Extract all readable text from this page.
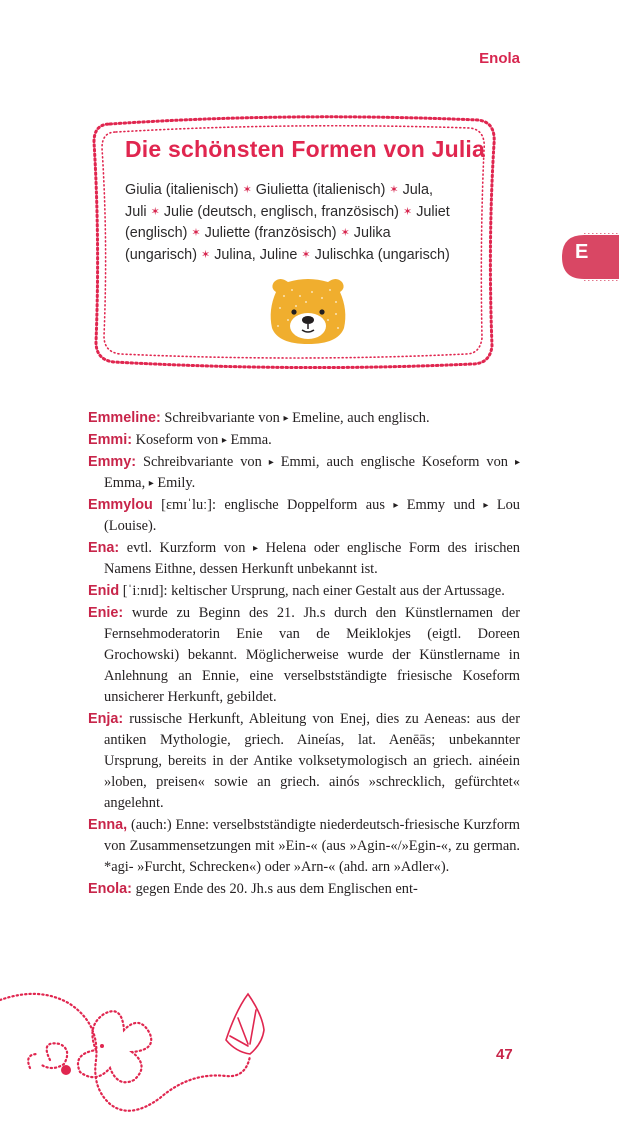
Enola
Die schönsten Formen von Julia
Giulia (italienisch) ✶ Giulietta (italienisch) ✶ Jula, Juli ✶ Julie (deutsch, englisch, französisch) ✶ Juliet (englisch) ✶ Juliette (französisch) ✶ Julika (ungarisch) ✶ Julina, Juline ✶ Julischka (ungarisch)	E
Emmeline: Schreibvariante von ▸ Emeline, auch englisch.
Emmi: Koseform von ▸ Emma.
Emmy: Schreibvariante von ▸ Emmi, auch englische Koseform von ▸ Emma, ▸ Emily.
Emmylou [ɛmɪˈluː]: englische Doppelform aus ▸ Emmy und ▸ Lou (Louise).
Ena: evtl. Kurzform von ▸ Helena oder englische Form des irischen Namens Eithne, dessen Herkunft unbekannt ist.
Enid [ˈiːnɪd]: keltischer Ursprung, nach einer Gestalt aus der Artussage.
Enie: wurde zu Beginn des 21. Jh.s durch den Künstlernamen der Fernsehmoderatorin Enie van de Meiklokjes (eigtl. Doreen Grochowski) bekannt. Möglicherweise wurde der Künstlername in Anlehnung an Ennie, eine verselbstständigte friesische Koseform unsicherer Herkunft, gebildet.
Enja: russische Herkunft, Ableitung von Enej, dies zu Aeneas: aus der antiken Mythologie, griech. Aineías, lat. Aenēās; unbekannter Ursprung, bereits in der Antike volksetymologisch an griech. ainéein »loben, preisen« sowie an griech. ainós »schrecklich, gefürchtet« angelehnt.
Enna, (auch:) Enne: verselbstständigte niederdeutsch-friesische Kurzform von Zusammensetzungen mit »Ein-« (aus »Agin-«/»Egin-«, zu german. *agi- »Furcht, Schrecken«) oder »Arn-« (ahd. arn »Adler«).
Enola: gegen Ende des 20. Jh.s aus dem Englischen ent-
47
